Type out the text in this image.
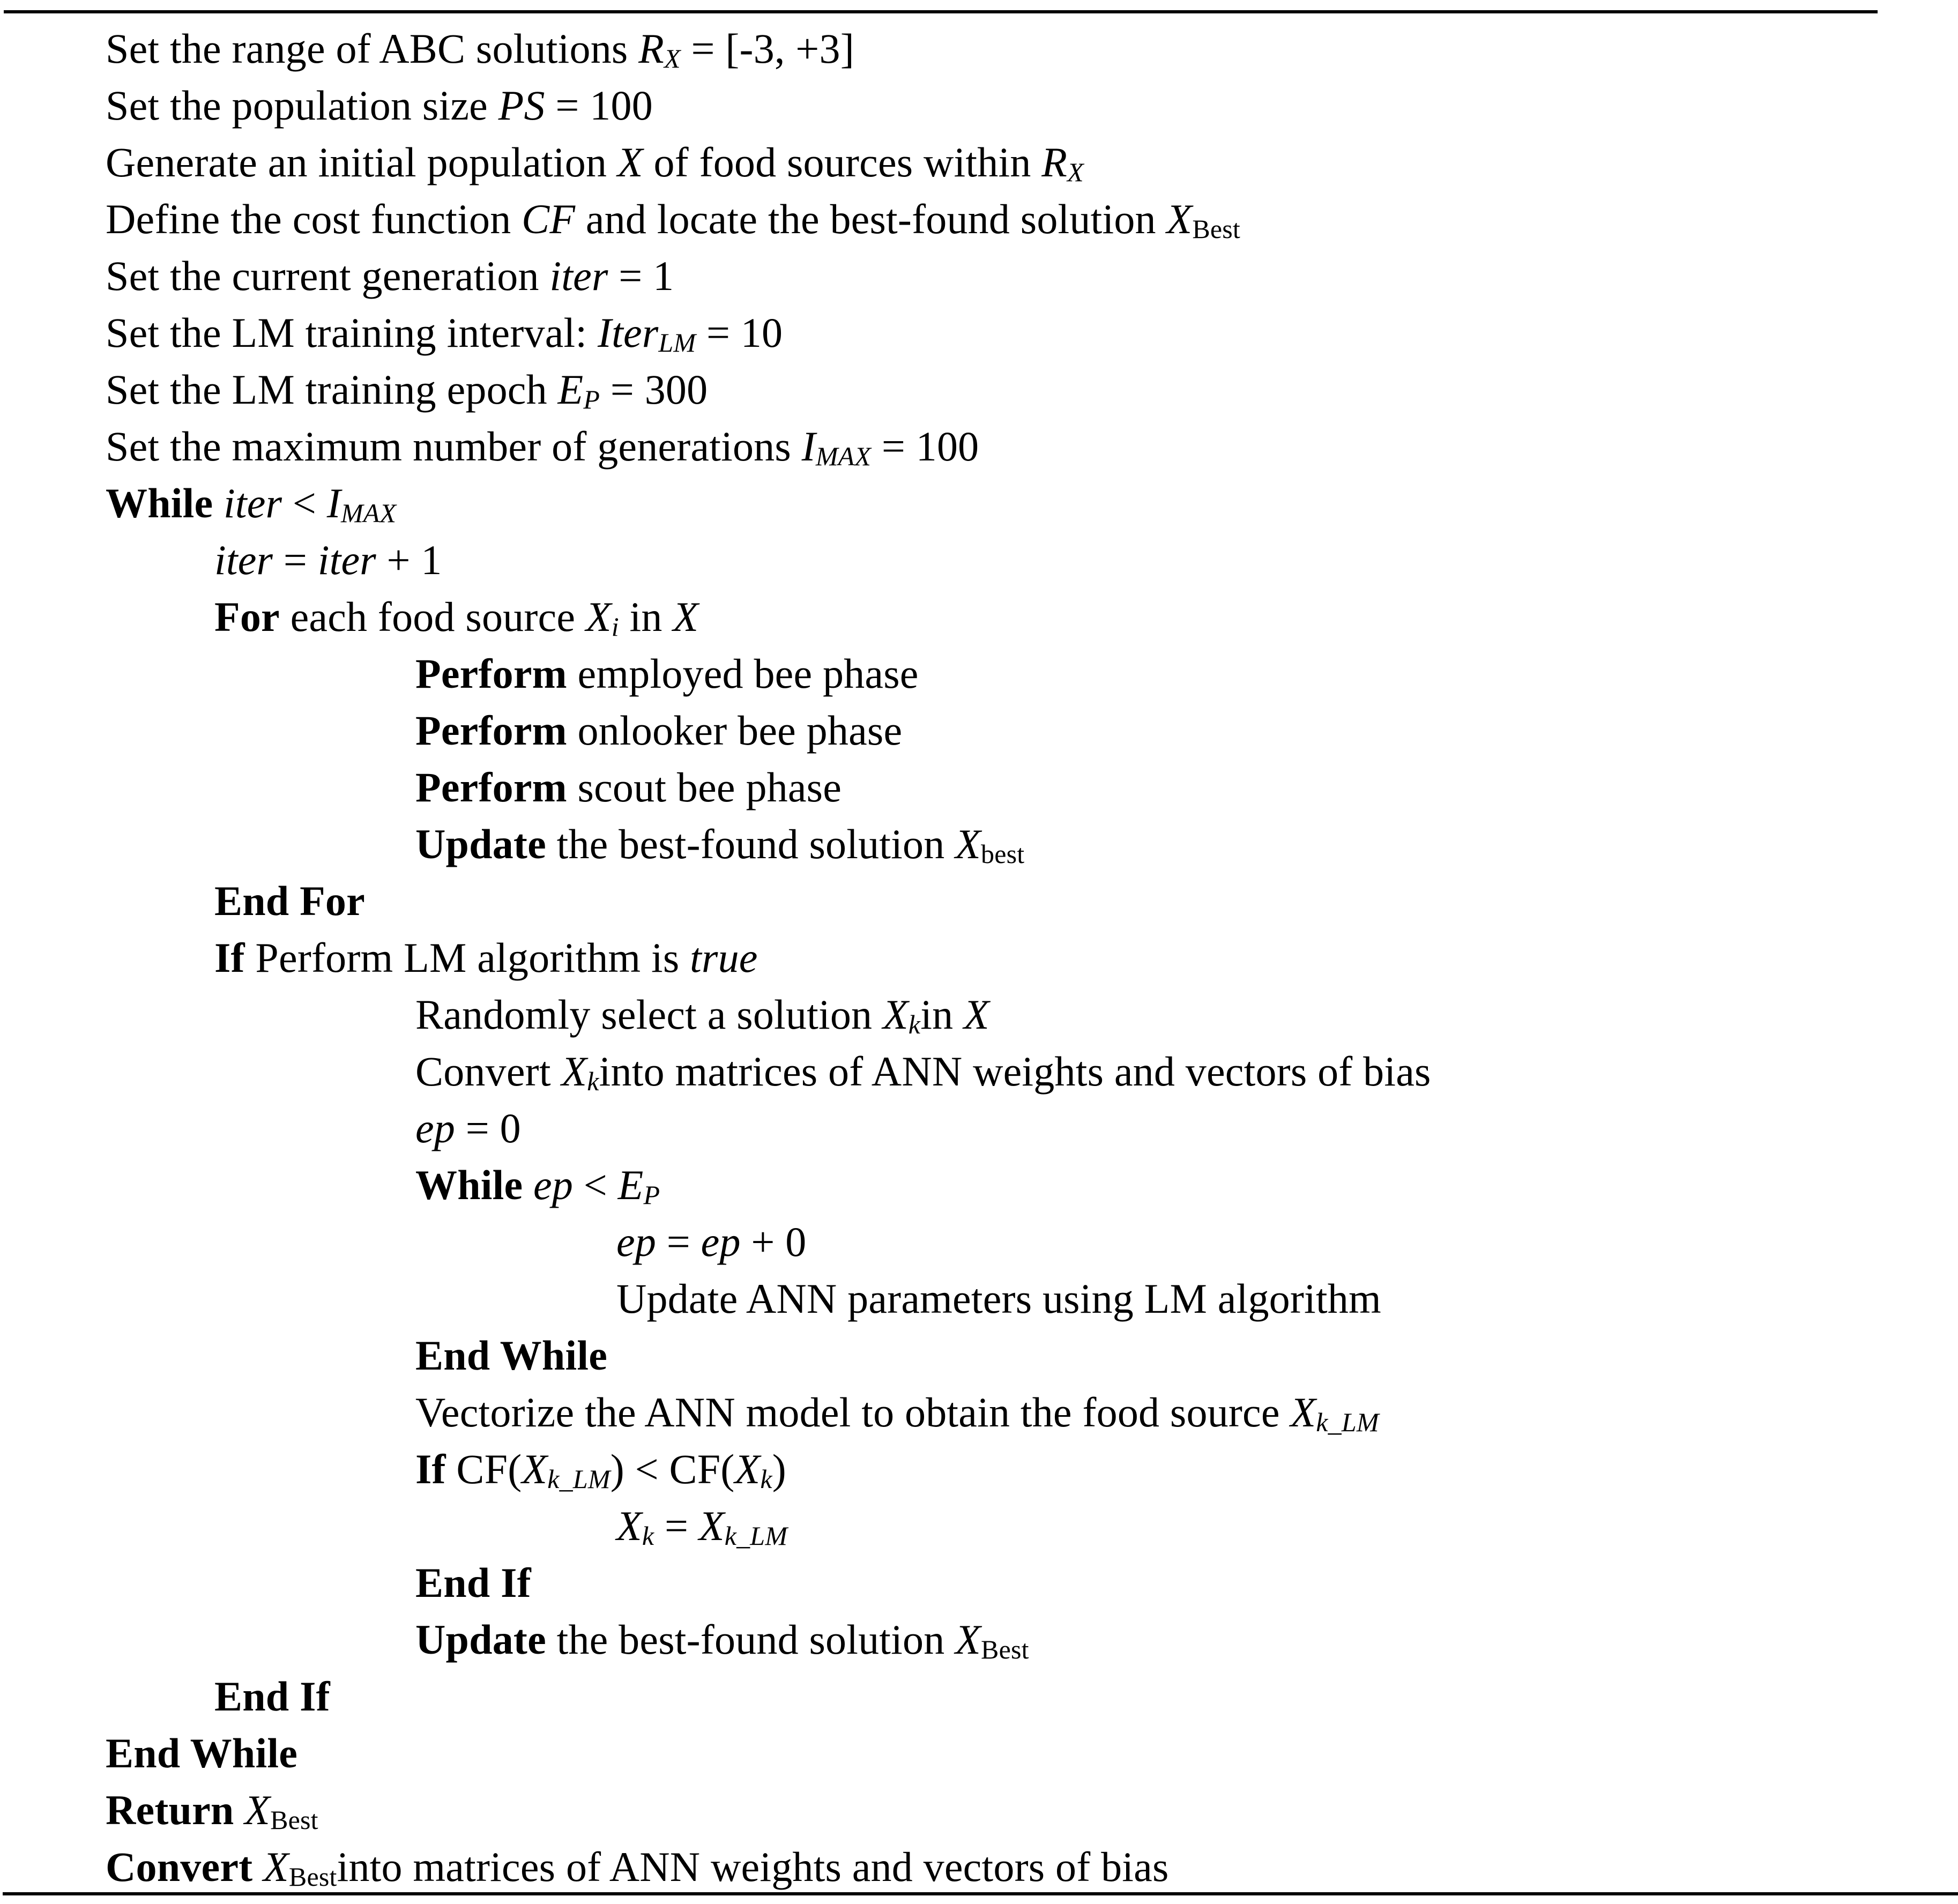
Set the range of ABC solutions RX = [-3, +3]
Set the population size PS = 100
Generate an initial population X of food sources within RX
Define the cost function CF and locate the best-found solution XBest
Set the current generation iter = 1
Set the LM training interval: IterLM = 10
Set the LM training epoch EP = 300
Set the maximum number of generations IMAX = 100
While iter < IMAX
iter = iter + 1
For each food source Xi in X
Perform employed bee phase
Perform onlooker bee phase
Perform scout bee phase
Update the best-found solution Xbest
End For
If Perform LM algorithm is true
Randomly select a solution Xkin X
Convert Xkinto matrices of ANN weights and vectors of bias
ep = 0
While ep < EP
ep = ep + 0
Update ANN parameters using LM algorithm
End While
Vectorize the ANN model to obtain the food source Xk_LM
If CF(Xk_LM) < CF(Xk)
Xk = Xk_LM
End If
Update the best-found solution XBest
End If
End While
Return XBest
Convert XBestinto matrices of ANN weights and vectors of bias
